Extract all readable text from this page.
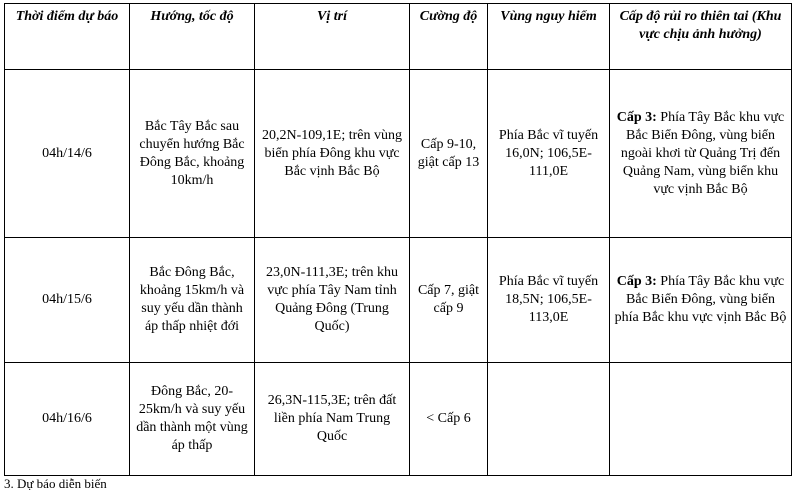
Thời điểm dự báo	Hướng, tốc độ	Vị trí	Cường độ	Vùng nguy hiểm	Cấp độ rủi ro thiên tai (Khu vực chịu ảnh hưởng)
04h/14/6	Bắc Tây Bắc sau chuyển hướng Bắc Đông Bắc, khoảng 10km/h	20,2N-109,1E; trên vùng biển phía Đông khu vực Bắc vịnh Bắc Bộ	Cấp 9-10, giật cấp 13	Phía Bắc vĩ tuyến 16,0N; 106,5E-111,0E	Cấp 3: Phía Tây Bắc khu vực Bắc Biển Đông, vùng biển ngoài khơi từ Quảng Trị đến Quảng Nam, vùng biển khu vực vịnh Bắc Bộ
04h/15/6	Bắc Đông Bắc, khoảng 15km/h và suy yếu dần thành áp thấp nhiệt đới	23,0N-111,3E; trên khu vực phía Tây Nam tỉnh Quảng Đông (Trung Quốc)	Cấp 7, giật cấp 9	Phía Bắc vĩ tuyến 18,5N; 106,5E-113,0E	Cấp 3: Phía Tây Bắc khu vực Bắc Biển Đông, vùng biển phía Bắc khu vực vịnh Bắc Bộ
04h/16/6	Đông Bắc, 20-25km/h và suy yếu dần thành một vùng áp thấp	26,3N-115,3E; trên đất liền phía Nam Trung Quốc	< Cấp 6		
3. Dự báo diễn biến
